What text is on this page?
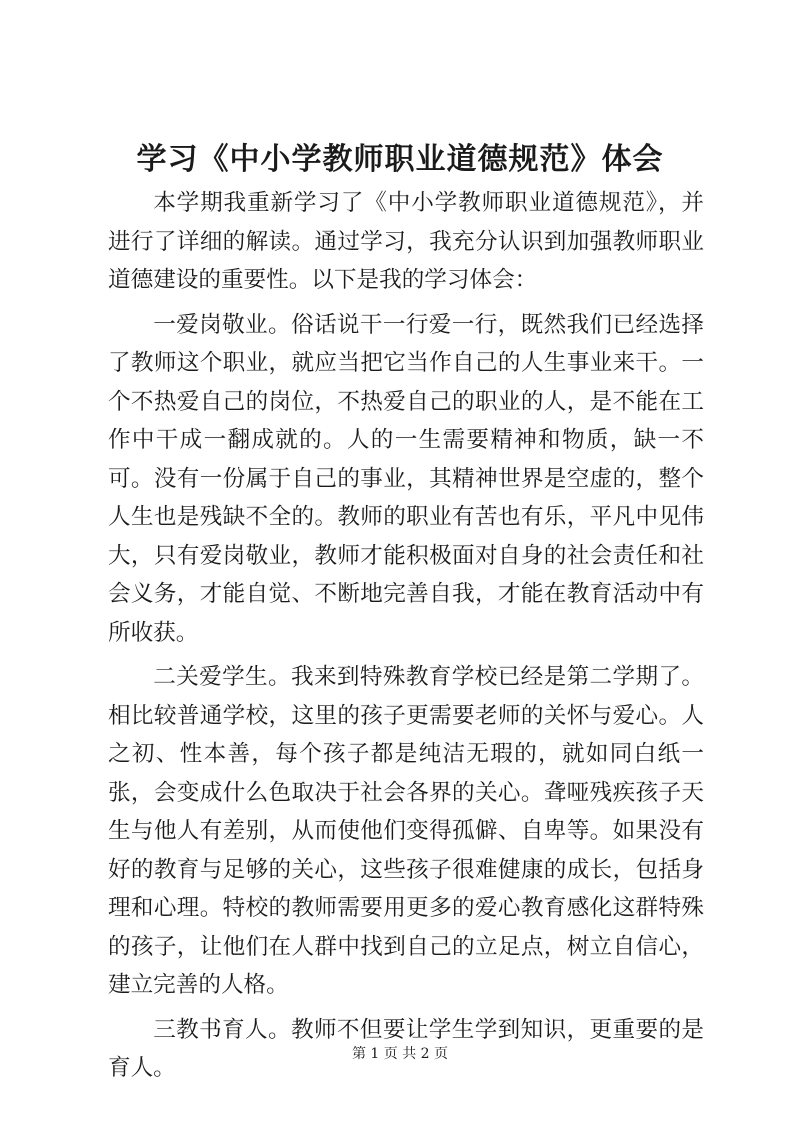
学习《中小学教师职业道德规范》体会

本学期我重新学习了《中小学教师职业道德规范》，并进行了详细的解读。通过学习，我充分认识到加强教师职业道德建设的重要性。以下是我的学习体会：

一爱岗敬业。俗话说干一行爱一行，既然我们已经选择了教师这个职业，就应当把它当作自己的人生事业来干。一个不热爱自己的岗位，不热爱自己的职业的人，是不能在工作中干成一翻成就的。人的一生需要精神和物质，缺一不可。没有一份属于自己的事业，其精神世界是空虚的，整个人生也是残缺不全的。教师的职业有苦也有乐，平凡中见伟大，只有爱岗敬业，教师才能积极面对自身的社会责任和社会义务，才能自觉、不断地完善自我，才能在教育活动中有所收获。

二关爱学生。我来到特殊教育学校已经是第二学期了。相比较普通学校，这里的孩子更需要老师的关怀与爱心。人之初、性本善，每个孩子都是纯洁无瑕的，就如同白纸一张，会变成什么色取决于社会各界的关心。聋哑残疾孩子天生与他人有差别，从而使他们变得孤僻、自卑等。如果没有好的教育与足够的关心，这些孩子很难健康的成长，包括身理和心理。特校的教师需要用更多的爱心教育感化这群特殊的孩子，让他们在人群中找到自己的立足点，树立自信心，建立完善的人格。

三教书育人。教师不但要让学生学到知识，更重要的是育人。

第 1 页 共 2 页
